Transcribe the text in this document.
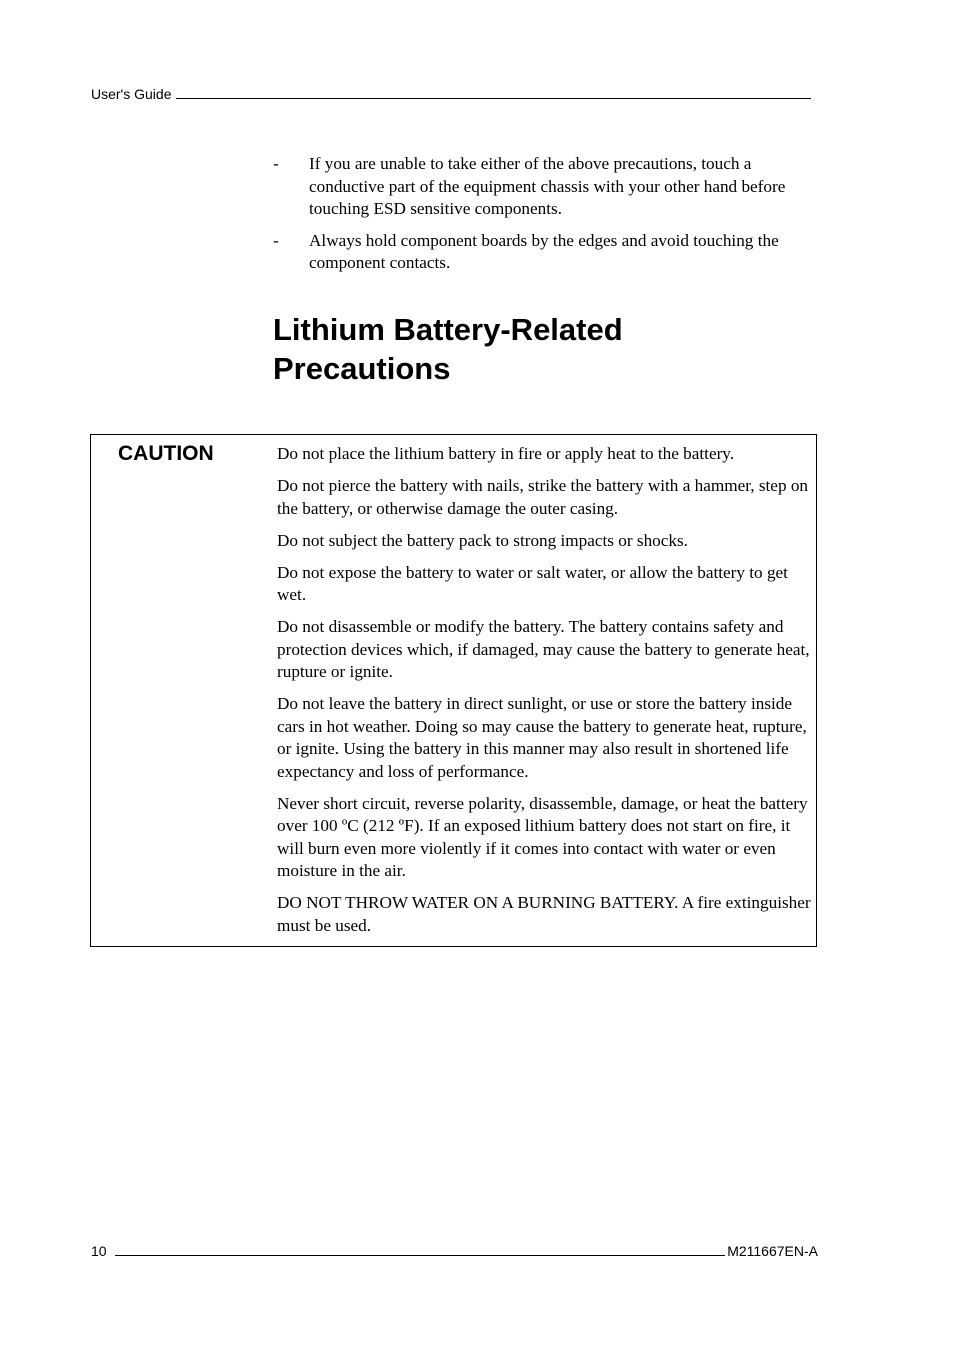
User's Guide
-	If you are unable to take either of the above precautions, touch a conductive part of the equipment chassis with your other hand before touching ESD sensitive components.
-	Always hold component boards by the edges and avoid touching the component contacts.
Lithium Battery-Related Precautions
CAUTION	Do not place the lithium battery in fire or apply heat to the battery.

Do not pierce the battery with nails, strike the battery with a hammer, step on the battery, or otherwise damage the outer casing.

Do not subject the battery pack to strong impacts or shocks.

Do not expose the battery to water or salt water, or allow the battery to get wet.

Do not disassemble or modify the battery. The battery contains safety and protection devices which, if damaged, may cause the battery to generate heat, rupture or ignite.

Do not leave the battery in direct sunlight, or use or store the battery inside cars in hot weather. Doing so may cause the battery to generate heat, rupture, or ignite. Using the battery in this manner may also result in shortened life expectancy and loss of performance.

Never short circuit, reverse polarity, disassemble, damage, or heat the battery over 100 ºC (212 ºF). If an exposed lithium battery does not start on fire, it will burn even more violently if it comes into contact with water or even moisture in the air.

DO NOT THROW WATER ON A BURNING BATTERY. A fire extinguisher must be used.

10	M211667EN-A
